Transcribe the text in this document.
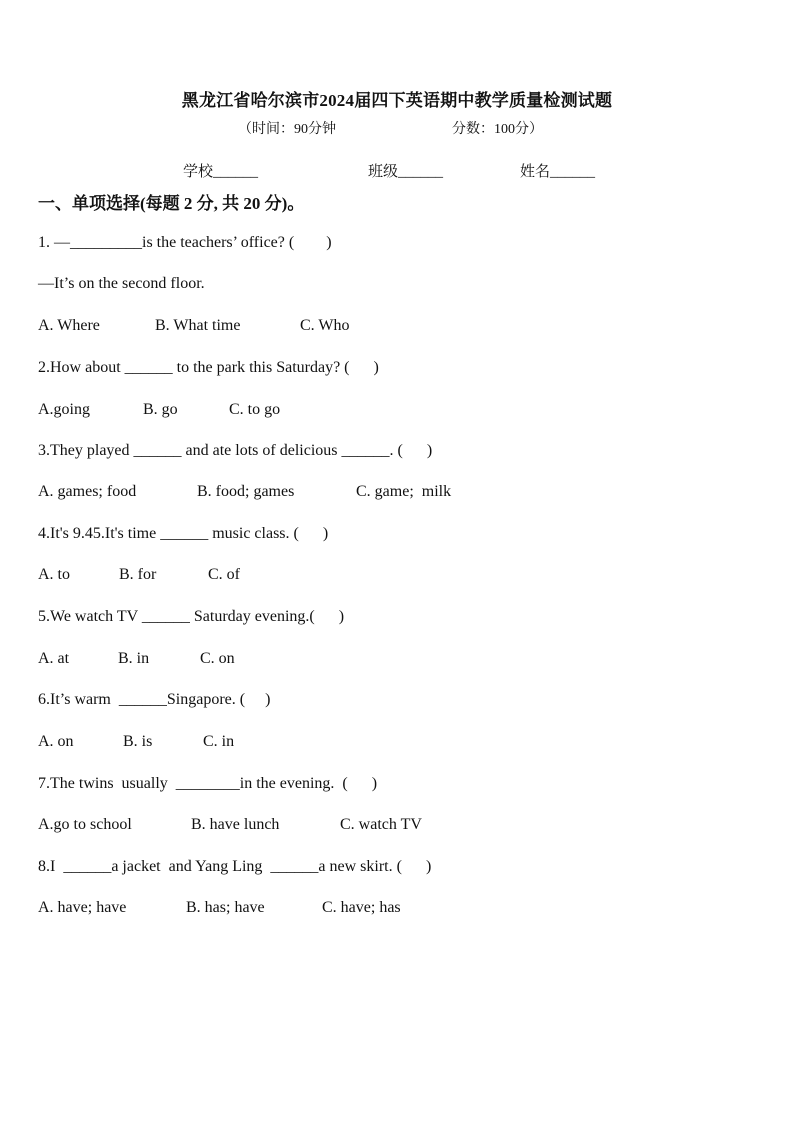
黑龙江省哈尔滨市2024届四下英语期中教学质量检测试题
（时间：90分钟	分数：100分）
学校______	班级______	姓名______
一、单项选择(每题 2 分, 共 20 分)。
1. —_________is the teachers’ office? (        )
—It’s on the second floor.

A. Where

	B. What time

	C. Who

2.How about ______ to the park this Saturday? (      )

A.going

	B. go

	C. to go

3.They played ______ and ate lots of delicious ______. (      )

A. games; food

	B. food; games

	C. game;  milk

4.It's 9.45.It's time ______ music class. (      )

A. to

	B. for

	C. of

5.We watch TV ______ Saturday evening.(      )

A. at

	B. in

	C. on

6.It’s warm  ______Singapore. (     )

A. on

	B. is

	C. in

7.The twins  usually  ________in the evening.  (      )

A.go to school

	B. have lunch

	C. watch TV

8.I  ______a jacket  and Yang Ling  ______a new skirt. (      )

A. have; have

	B. has; have

	C. have; has
